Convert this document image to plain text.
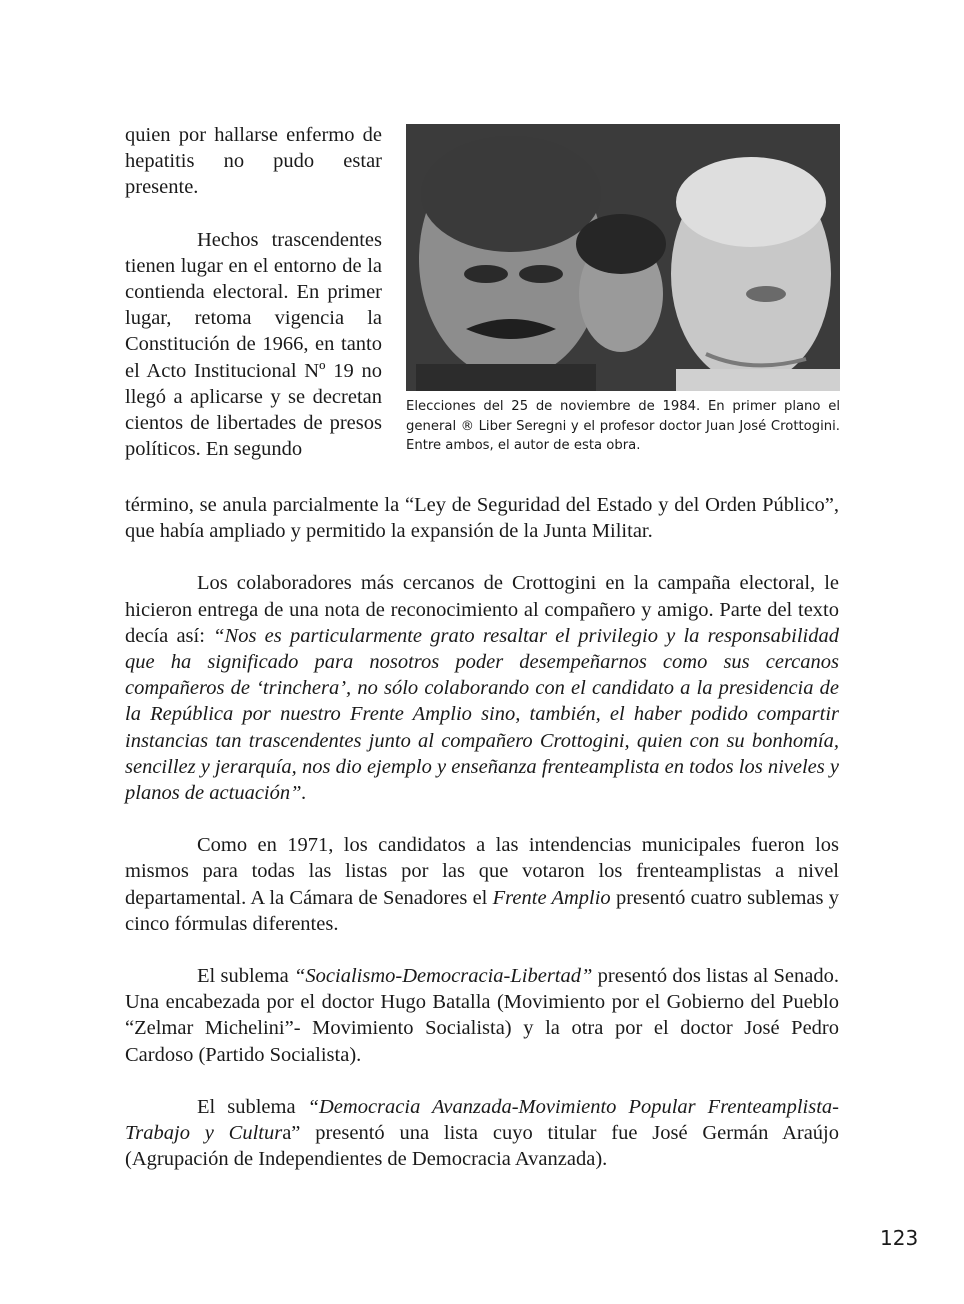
quien por hallarse enfermo de hepatitis no pudo estar presente.

Hechos trascendentes tienen lugar en el entorno de la contienda electoral. En primer lugar, retoma vigencia la Constitución de 1966, en tanto el Acto Institucional Nº 19 no llegó a aplicarse y se decretan cientos de libertades de presos políticos. En segundo

Elecciones del 25 de noviembre de 1984. En primer plano el general ® Liber Seregni y el profesor doctor Juan José Crottogini. Entre ambos, el autor de esta obra.

término, se anula parcialmente la “Ley de Seguridad del Estado y del Orden Público”, que había ampliado y permitido la expansión de la Junta Militar.

Los colaboradores más cercanos de Crottogini en la campaña electoral, le hicieron entrega de una nota de reconocimiento al compañero y amigo. Parte del texto decía así: “Nos es particularmente grato resaltar el privilegio y la responsabilidad que ha significado para nosotros poder desempeñarnos como sus cercanos compañeros de ‘trinchera’, no sólo colaborando con el candidato a la presidencia de la República por nuestro Frente Amplio sino, también, el haber podido compartir instancias tan trascendentes junto al compañero Crottogini, quien con su bonhomía, sencillez y jerarquía, nos dio ejemplo y enseñanza frenteamplista en todos los niveles y planos de actuación”.

Como en 1971, los candidatos a las intendencias municipales fueron los mismos para todas las listas por las que votaron los frenteamplistas a nivel departamental. A la Cámara de Senadores el Frente Amplio presentó cuatro sublemas y cinco fórmulas diferentes.

El sublema “Socialismo-Democracia-Libertad” presentó dos listas al Senado. Una encabezada por el doctor Hugo Batalla (Movimiento por el Gobierno del Pueblo “Zelmar Michelini”- Movimiento Socialista) y la otra por el doctor José Pedro Cardoso (Partido Socialista).

El sublema “Democracia Avanzada-Movimiento Popular Frenteamplista-Trabajo y Cultura” presentó una lista cuyo titular fue José Germán Araújo (Agrupación de Independientes de Democracia Avanzada).

123
